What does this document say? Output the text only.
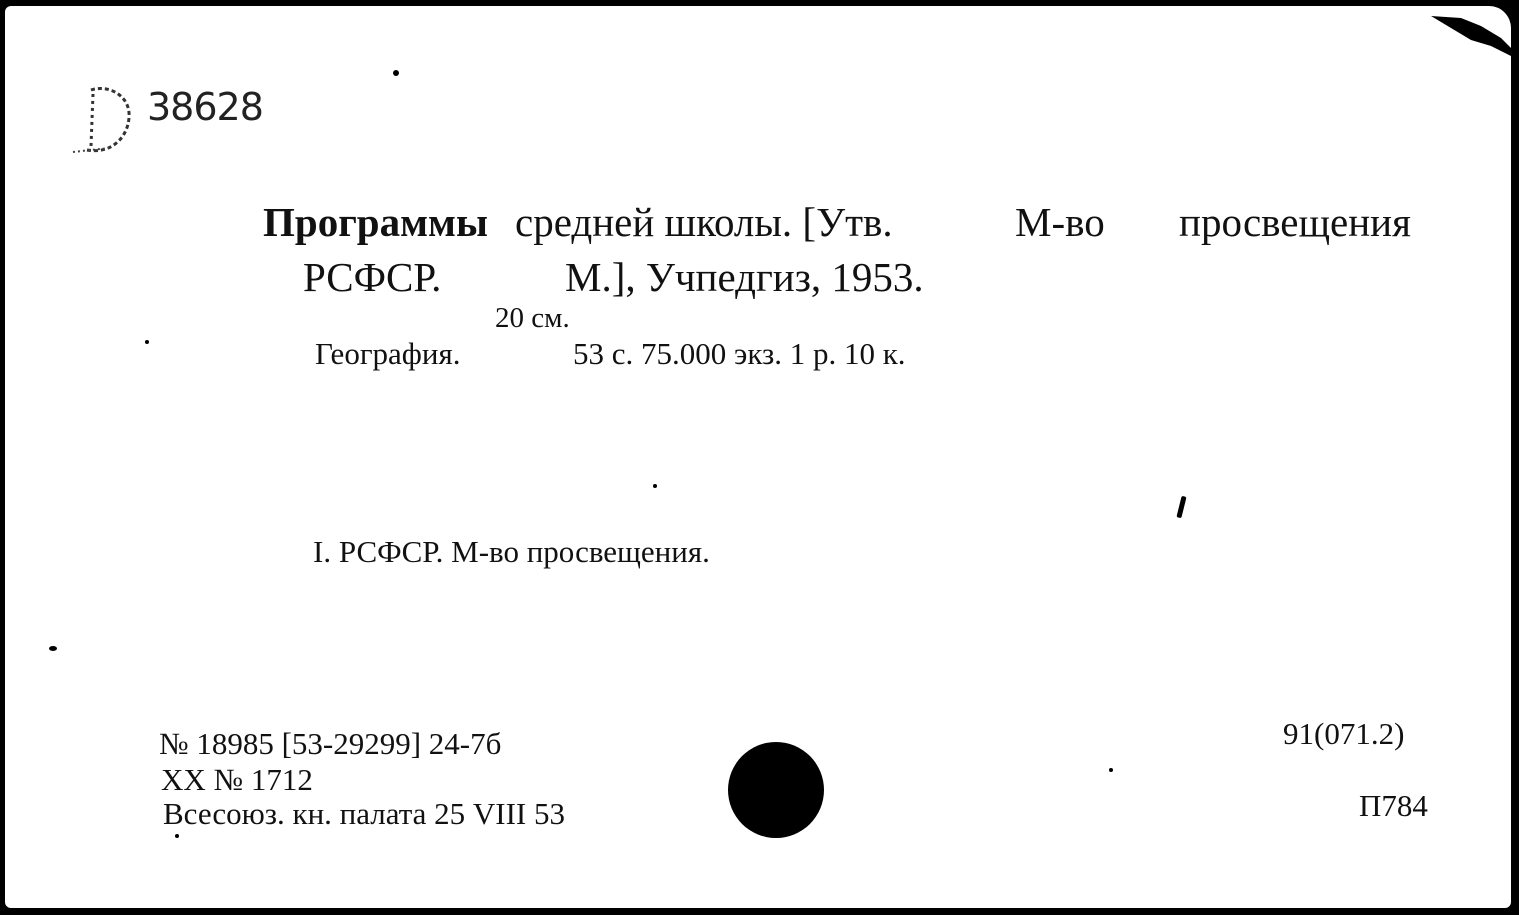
38628
Программы средней школы. [Утв.	М-во просвещения
РСФСР.	М.], Учпедгиз, 1953.
20 см.
География.	53 с. 75.000 экз. 1 р. 10 к.
I. РСФСР. М-во просвещения.
№ 18985 [53-29299] 24-7б
XX № 1712
Всесоюз. кн. палата 25 VIII 53
91(071.2)
П784
